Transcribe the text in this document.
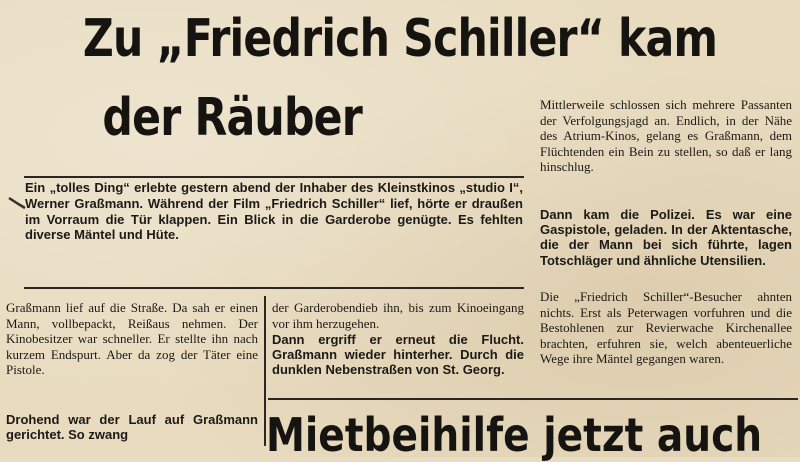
Zu „Friedrich Schiller“ kam
der Räuber

Ein „tolles Ding“ erlebte gestern abend der Inhaber des Kleinstkinos „studio I“, Werner Graßmann. Während der Film „Friedrich Schiller“ lief, hörte er draußen im Vorraum die Tür klappen. Ein Blick in die Garderobe genügte. Es fehlten diverse Mäntel und Hüte.

Graßmann lief auf die Straße. Da sah er einen Mann, vollbepackt, Reißaus nehmen. Der Kinobesitzer war schneller. Er stellte ihn nach kurzem Endspurt. Aber da zog der Täter eine Pistole.

Drohend war der Lauf auf Graßmann gerichtet. So zwang

der Garderobendieb ihn, bis zum Kinoeingang vor ihm herzugehen.

Dann ergriff er erneut die Flucht. Graßmann wieder hinterher. Durch die dunklen Nebenstraßen von St. Georg.

Mittlerweile schlossen sich mehrere Passanten der Verfolgungsjagd an. Endlich, in der Nähe des Atrium-Kinos, gelang es Graßmann, dem Flüchtenden ein Bein zu stellen, so daß er lang hinschlug.

Dann kam die Polizei. Es war eine Gaspistole, geladen. In der Aktentasche, die der Mann bei sich führte, lagen Totschläger und ähnliche Utensilien.

Die „Friedrich Schiller“-Besucher ahnten nichts. Erst als Peterwagen vorfuhren und die Bestohlenen zur Revierwache Kirchenallee brachten, erfuhren sie, welch abenteuerliche Wege ihre Mäntel gegangen waren.

Mietbeihilfe jetzt auch
